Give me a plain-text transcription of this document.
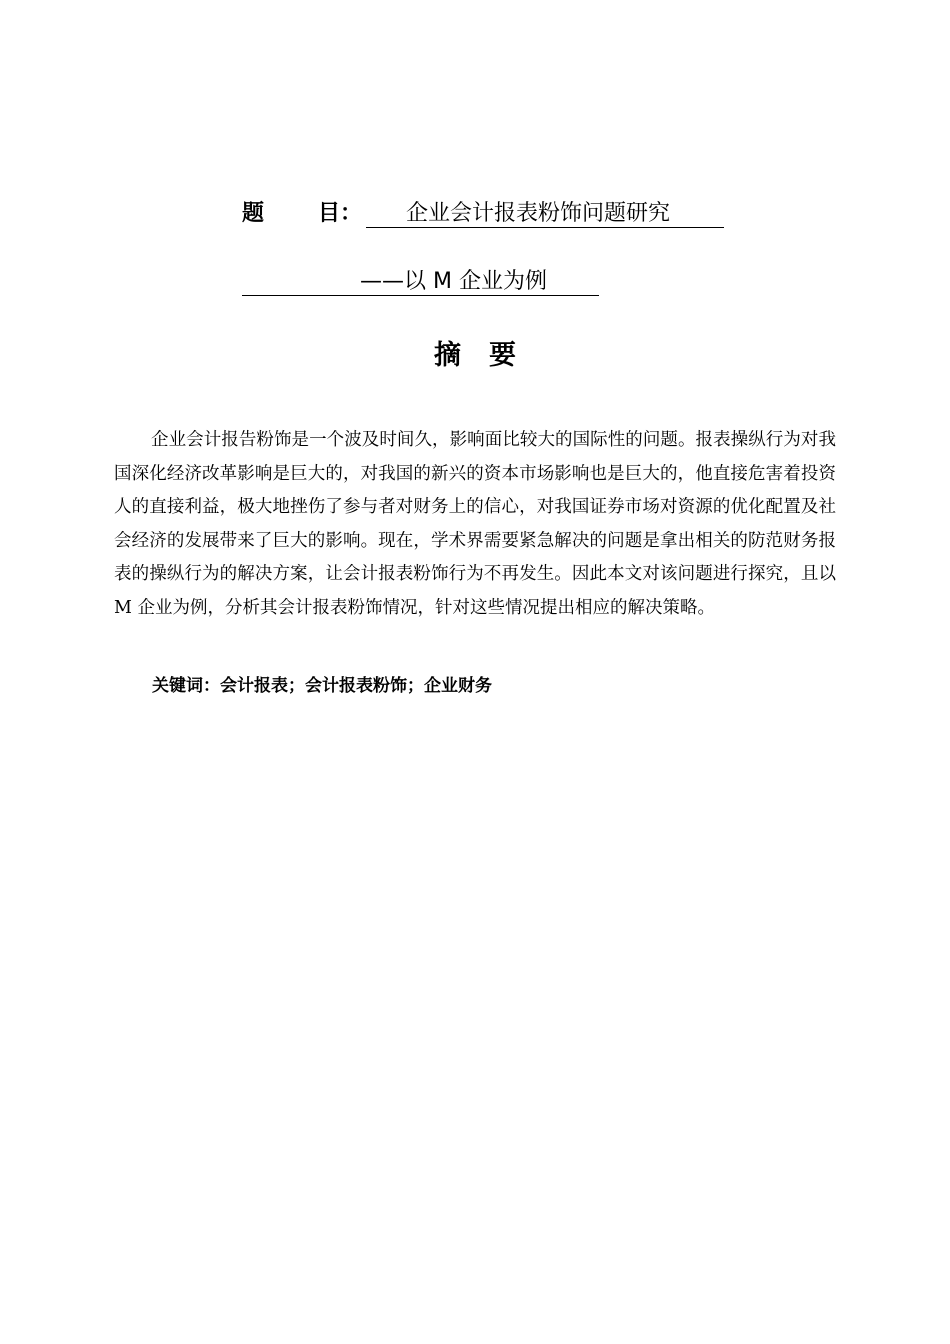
题 目： 企业会计报表粉饰问题研究
——以 M 企业为例
摘要

企业会计报告粉饰是一个波及时间久，影响面比较大的国际性的问题。报表操纵行为对我国深化经济改革影响是巨大的，对我国的新兴的资本市场影响也是巨大的，他直接危害着投资人的直接利益，极大地挫伤了参与者对财务上的信心，对我国证券市场对资源的优化配置及社会经济的发展带来了巨大的影响。现在，学术界需要紧急解决的问题是拿出相关的防范财务报表的操纵行为的解决方案，让会计报表粉饰行为不再发生。因此本文对该问题进行探究，且以 M 企业为例，分析其会计报表粉饰情况，针对这些情况提出相应的解决策略。

关键词：会计报表；会计报表粉饰；企业财务
